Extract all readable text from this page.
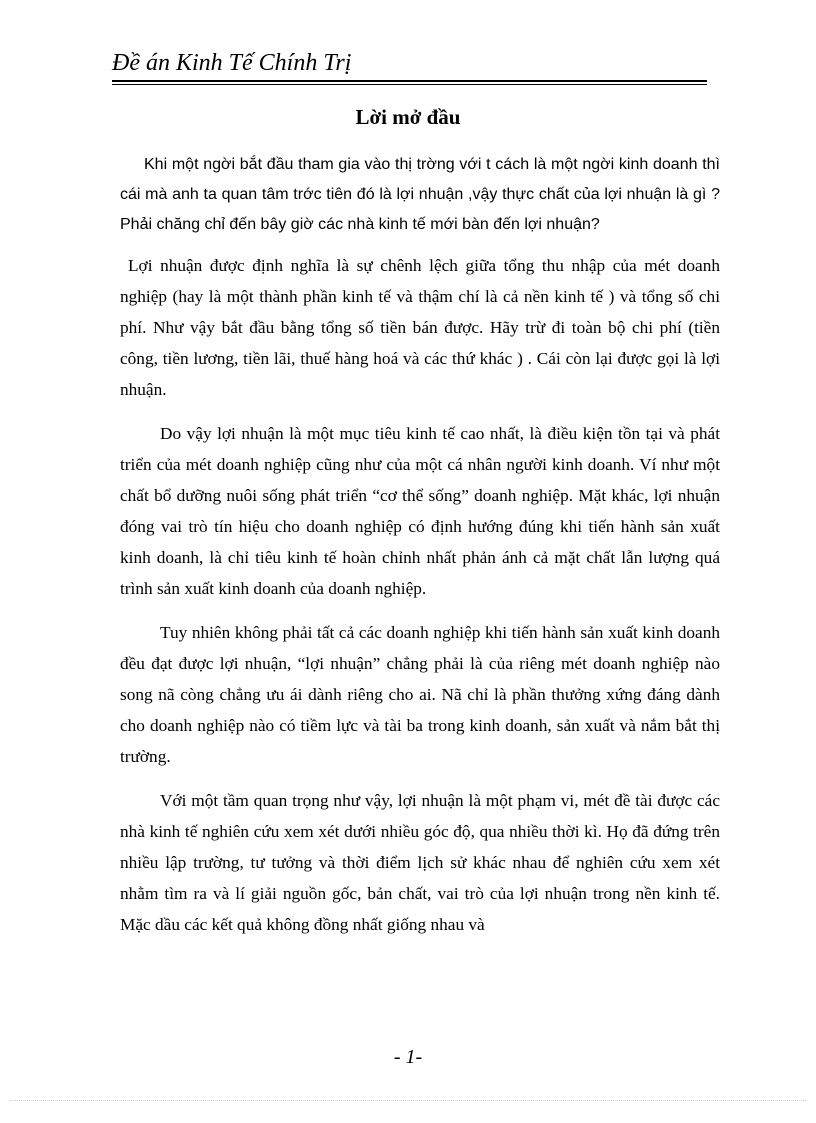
Đề án Kinh Tế Chính Trị
Lời mở đầu

Khi một ngời bắt đầu tham gia vào thị trờng với t cách là một ngời kinh doanh thì cái mà anh ta quan tâm trớc tiên đó là lợi nhuận ,vậy thực chất của lợi nhuận là gì ?Phải chăng chỉ đến bây giờ các nhà kinh tế mới bàn đến lợi nhuận?

Lợi nhuận được định nghĩa là sự chênh lệch giữa tổng thu nhập của mét doanh nghiệp (hay là một thành phần kinh tế và thậm chí là cả nền kinh tế ) và tổng số chi phí. Như vậy bắt đầu bằng tổng số tiền bán được. Hãy trừ đi toàn bộ chi phí (tiền công, tiền lương, tiền lãi, thuế hàng hoá và các thứ khác ) . Cái còn lại được gọi là lợi nhuận.

Do vậy lợi nhuận là một mục tiêu kinh tế cao nhất, là điều kiện tồn tại và phát triển của mét doanh nghiệp cũng như của một cá nhân người kinh doanh. Ví như một chất bổ dưỡng nuôi sống phát triển “cơ thể sống” doanh nghiệp. Mặt khác, lợi nhuận đóng vai trò tín hiệu cho doanh nghiệp có định hướng đúng khi tiến hành sản xuất kinh doanh, là chỉ tiêu kinh tế hoàn chỉnh nhất phản ánh cả mặt chất lẫn lượng quá trình sản xuất kinh doanh của doanh nghiệp.

Tuy nhiên không phải tất cả các doanh nghiệp khi tiến hành sản xuất kinh doanh đều đạt được lợi nhuận, “lợi nhuận” chẳng phải là của riêng mét doanh nghiệp nào song nã còng chẳng ưu ái dành riêng cho ai. Nã chỉ là phần thưởng xứng đáng dành cho doanh nghiệp nào có tiềm lực và tài ba trong kinh doanh, sản xuất và nắm bắt thị trường.

Với một tầm quan trọng như vậy, lợi nhuận là một phạm vi, mét đề tài được các nhà kinh tế nghiên cứu xem xét dưới nhiều góc độ, qua nhiều thời kì. Họ đã đứng trên nhiều lập trường, tư tưởng và thời điểm lịch sử khác nhau để nghiên cứu xem xét nhằm tìm ra và lí giải nguồn gốc, bản chất, vai trò của lợi nhuận trong nền kinh tế. Mặc dầu các kết quả không đồng nhất giống nhau và

- 1-
